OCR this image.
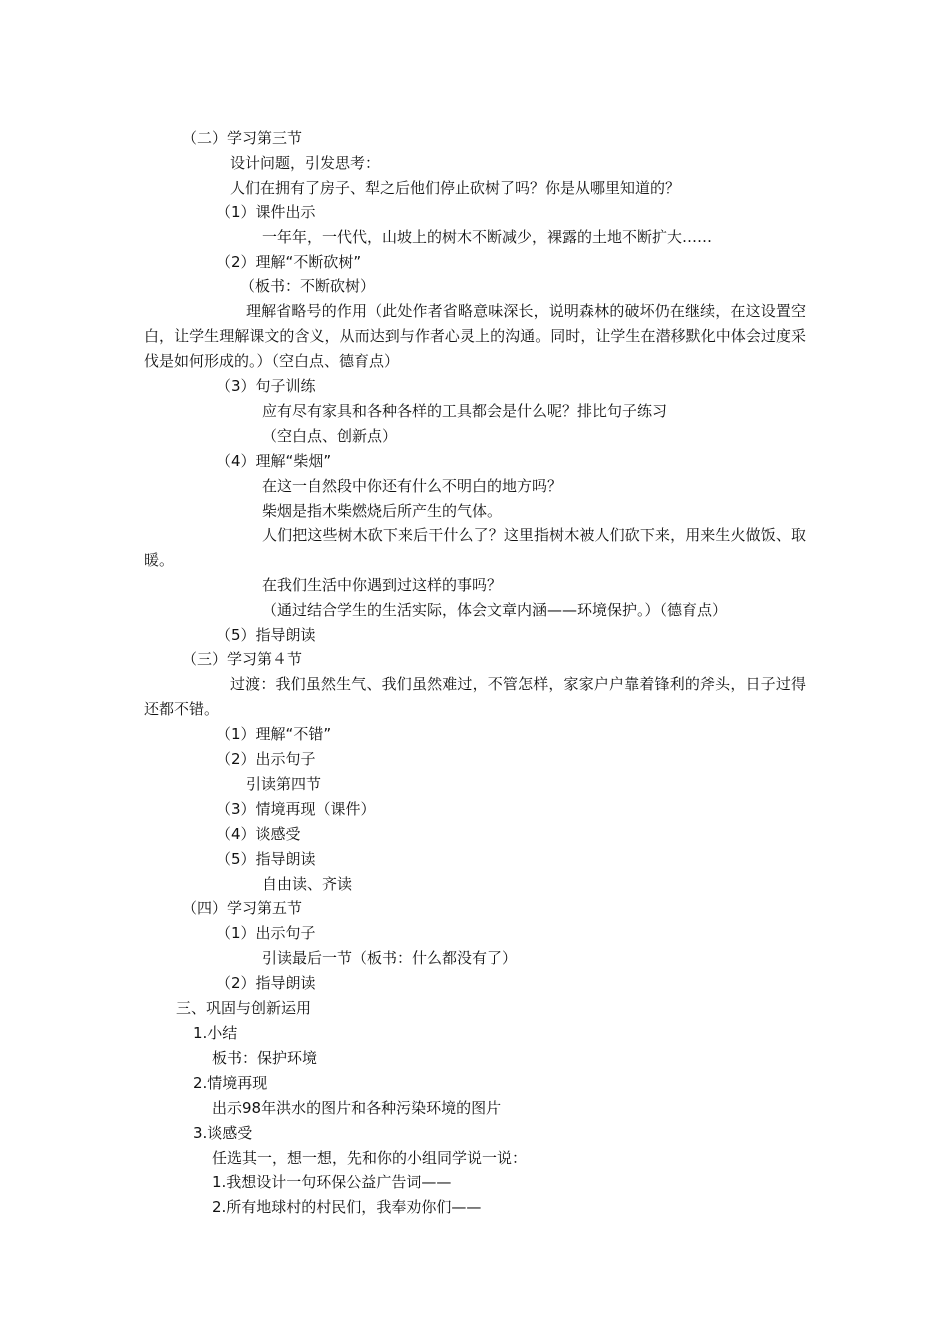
（二）学习第三节
设计问题，引发思考：
人们在拥有了房子、犁之后他们停止砍树了吗？你是从哪里知道的？
（1）课件出示
一年年，一代代，山坡上的树木不断减少，裸露的土地不断扩大……
（2）理解“不断砍树”
（板书：不断砍树）
理解省略号的作用（此处作者省略意味深长，说明森林的破坏仍在继续，在这设置空白，让学生理解课文的含义，从而达到与作者心灵上的沟通。同时，让学生在潜移默化中体会过度采伐是如何形成的。）（空白点、德育点）
（3）句子训练
应有尽有家具和各种各样的工具都会是什么呢？排比句子练习
（空白点、创新点）
（4）理解“柴烟”
在这一自然段中你还有什么不明白的地方吗？
柴烟是指木柴燃烧后所产生的气体。
人们把这些树木砍下来后干什么了？这里指树木被人们砍下来，用来生火做饭、取暖。
在我们生活中你遇到过这样的事吗？
（通过结合学生的生活实际，体会文章内涵——环境保护。）（德育点）
（5）指导朗读
（三）学习第４节
过渡：我们虽然生气、我们虽然难过，不管怎样，家家户户靠着锋利的斧头，日子过得还都不错。
（1）理解“不错”
（2）出示句子
引读第四节
（3）情境再现（课件）
（4）谈感受
（5）指导朗读
自由读、齐读
（四）学习第五节
（1）出示句子
引读最后一节（板书：什么都没有了）
（2）指导朗读
三、巩固与创新运用
1.小结
板书：保护环境
2.情境再现
出示98年洪水的图片和各种污染环境的图片
3.谈感受
任选其一，想一想，先和你的小组同学说一说：
1.我想设计一句环保公益广告词——
2.所有地球村的村民们，我奉劝你们——
